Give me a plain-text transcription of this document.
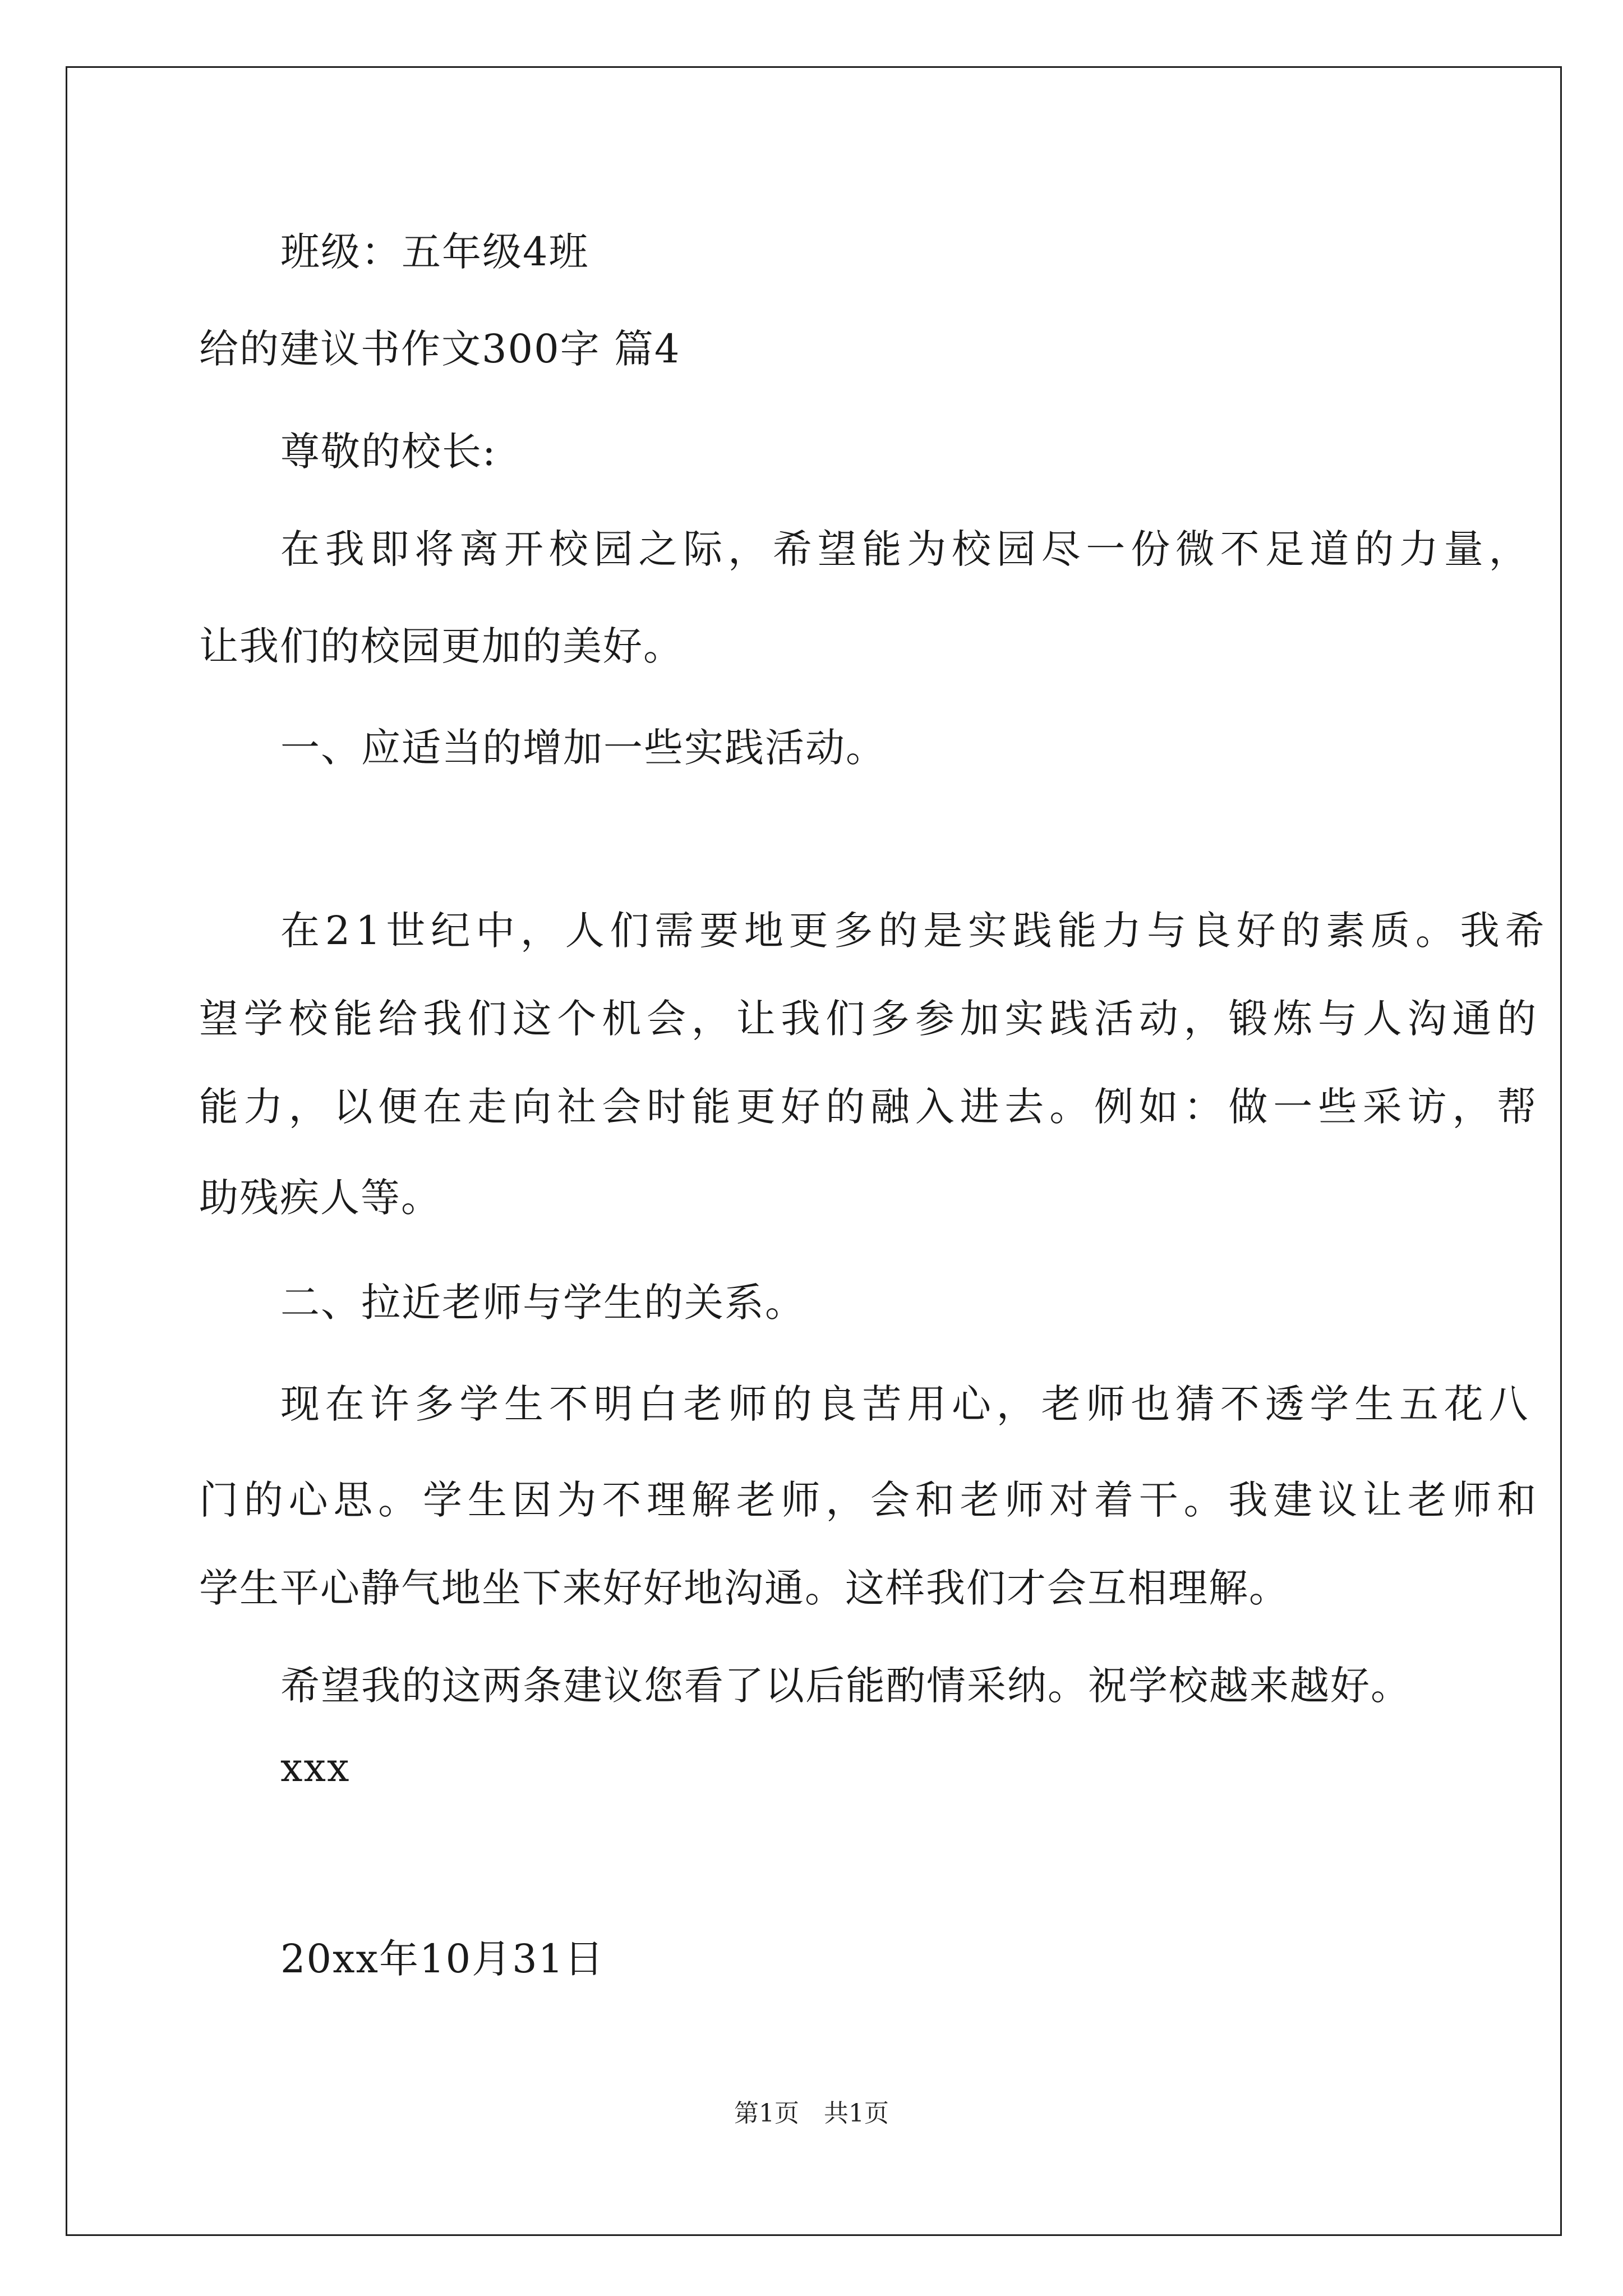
班级：五年级4班
给的建议书作文300字 篇4
尊敬的校长:
在我即将离开校园之际，希望能为校园尽一份微不足道的力量，
让我们的校园更加的美好。
一、应适当的增加一些实践活动。
在21世纪中，人们需要地更多的是实践能力与良好的素质。我希
望学校能给我们这个机会，让我们多参加实践活动，锻炼与人沟通的
能力，以便在走向社会时能更好的融入进去。例如：做一些采访，帮
助残疾人等。
二、拉近老师与学生的关系。
现在许多学生不明白老师的良苦用心，老师也猜不透学生五花八
门的心思。学生因为不理解老师，会和老师对着干。我建议让老师和
学生平心静气地坐下来好好地沟通。这样我们才会互相理解。
希望我的这两条建议您看了以后能酌情采纳。祝学校越来越好。
xxx
20xx年10月31日
第1页　共1页
